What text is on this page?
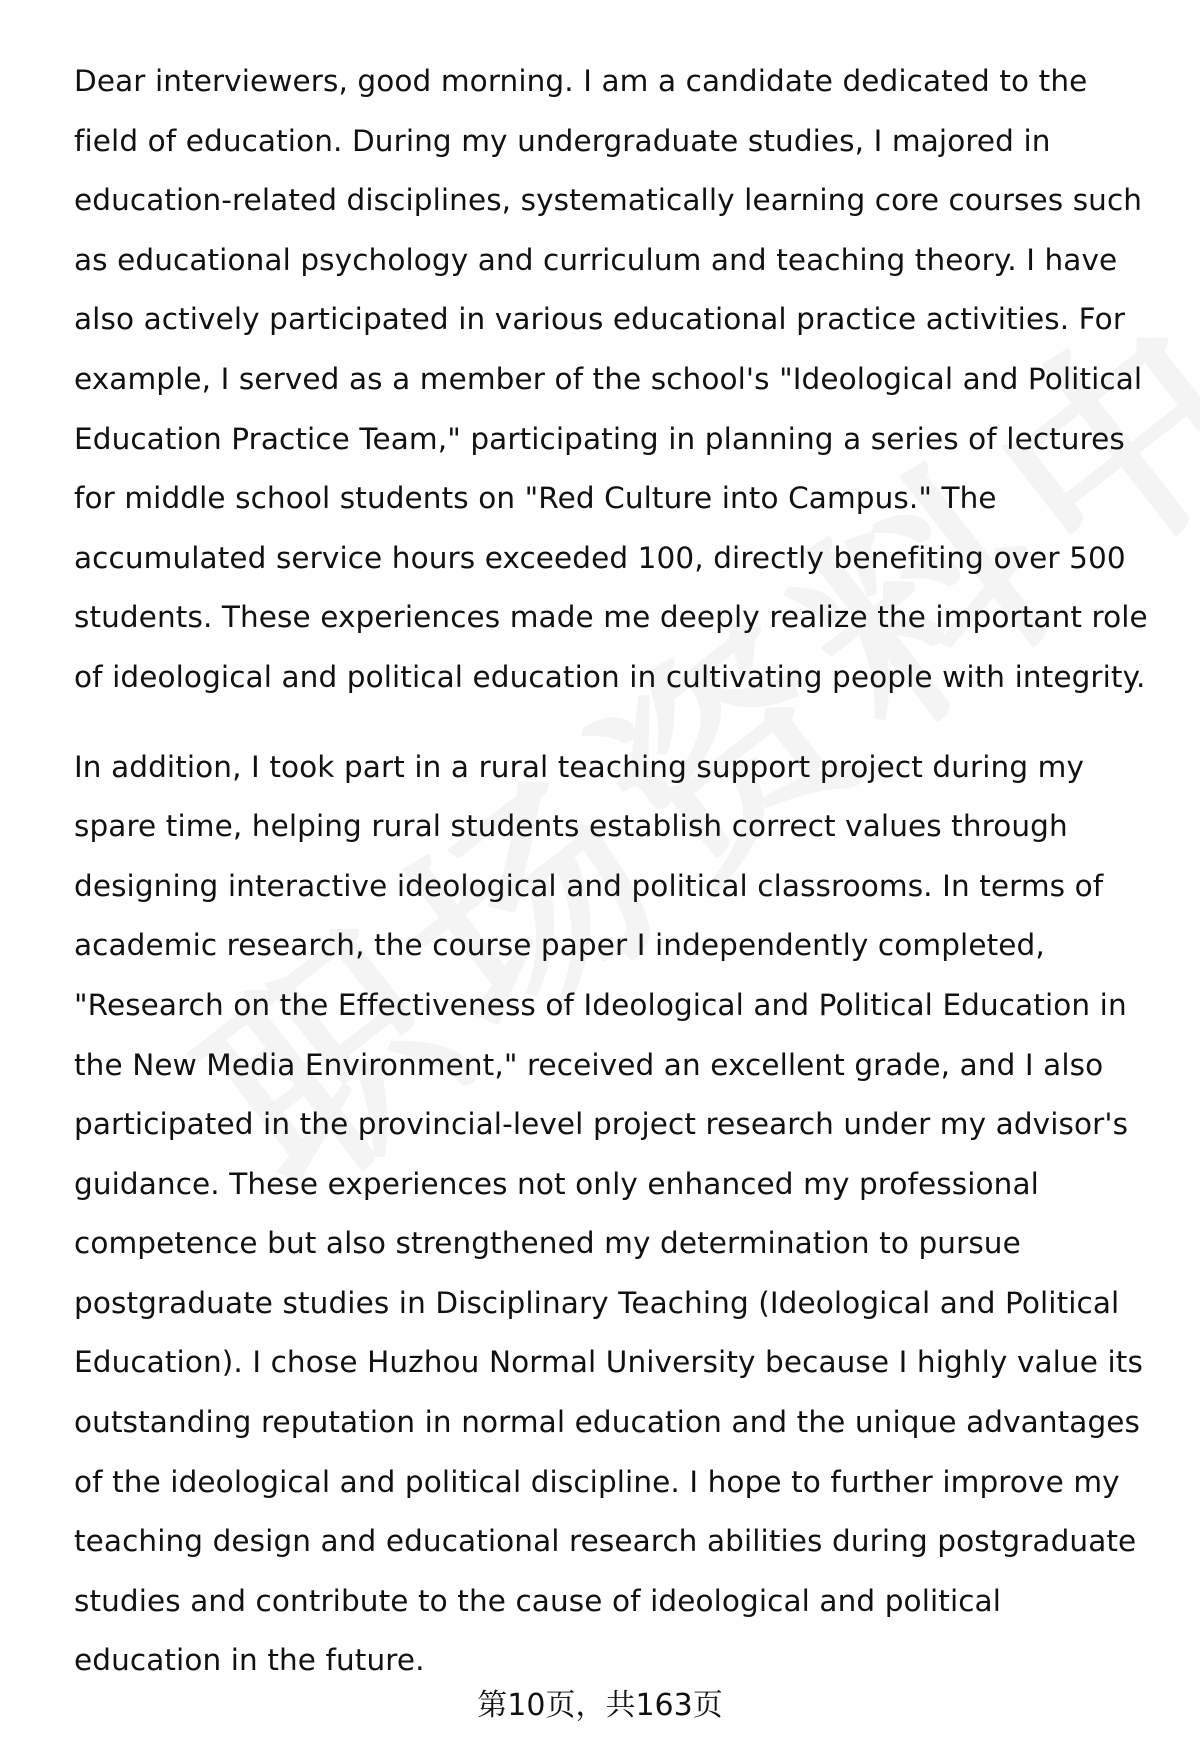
Dear interviewers, good morning. I am a candidate dedicated to the field of education. During my undergraduate studies, I majored in education-related disciplines, systematically learning core courses such as educational psychology and curriculum and teaching theory. I have also actively participated in various educational practice activities. For example, I served as a member of the school's "Ideological and Political Education Practice Team," participating in planning a series of lectures for middle school students on "Red Culture into Campus." The accumulated service hours exceeded 100, directly benefiting over 500 students. These experiences made me deeply realize the important role of ideological and political education in cultivating people with integrity.

In addition, I took part in a rural teaching support project during my spare time, helping rural students establish correct values through designing interactive ideological and political classrooms. In terms of academic research, the course paper I independently completed, "Research on the Effectiveness of Ideological and Political Education in the New Media Environment," received an excellent grade, and I also participated in the provincial-level project research under my advisor's guidance. These experiences not only enhanced my professional competence but also strengthened my determination to pursue postgraduate studies in Disciplinary Teaching (Ideological and Political Education). I chose Huzhou Normal University because I highly value its outstanding reputation in normal education and the unique advantages of the ideological and political discipline. I hope to further improve my teaching design and educational research abilities during postgraduate studies and contribute to the cause of ideological and political education in the future.

第10页，共163页
